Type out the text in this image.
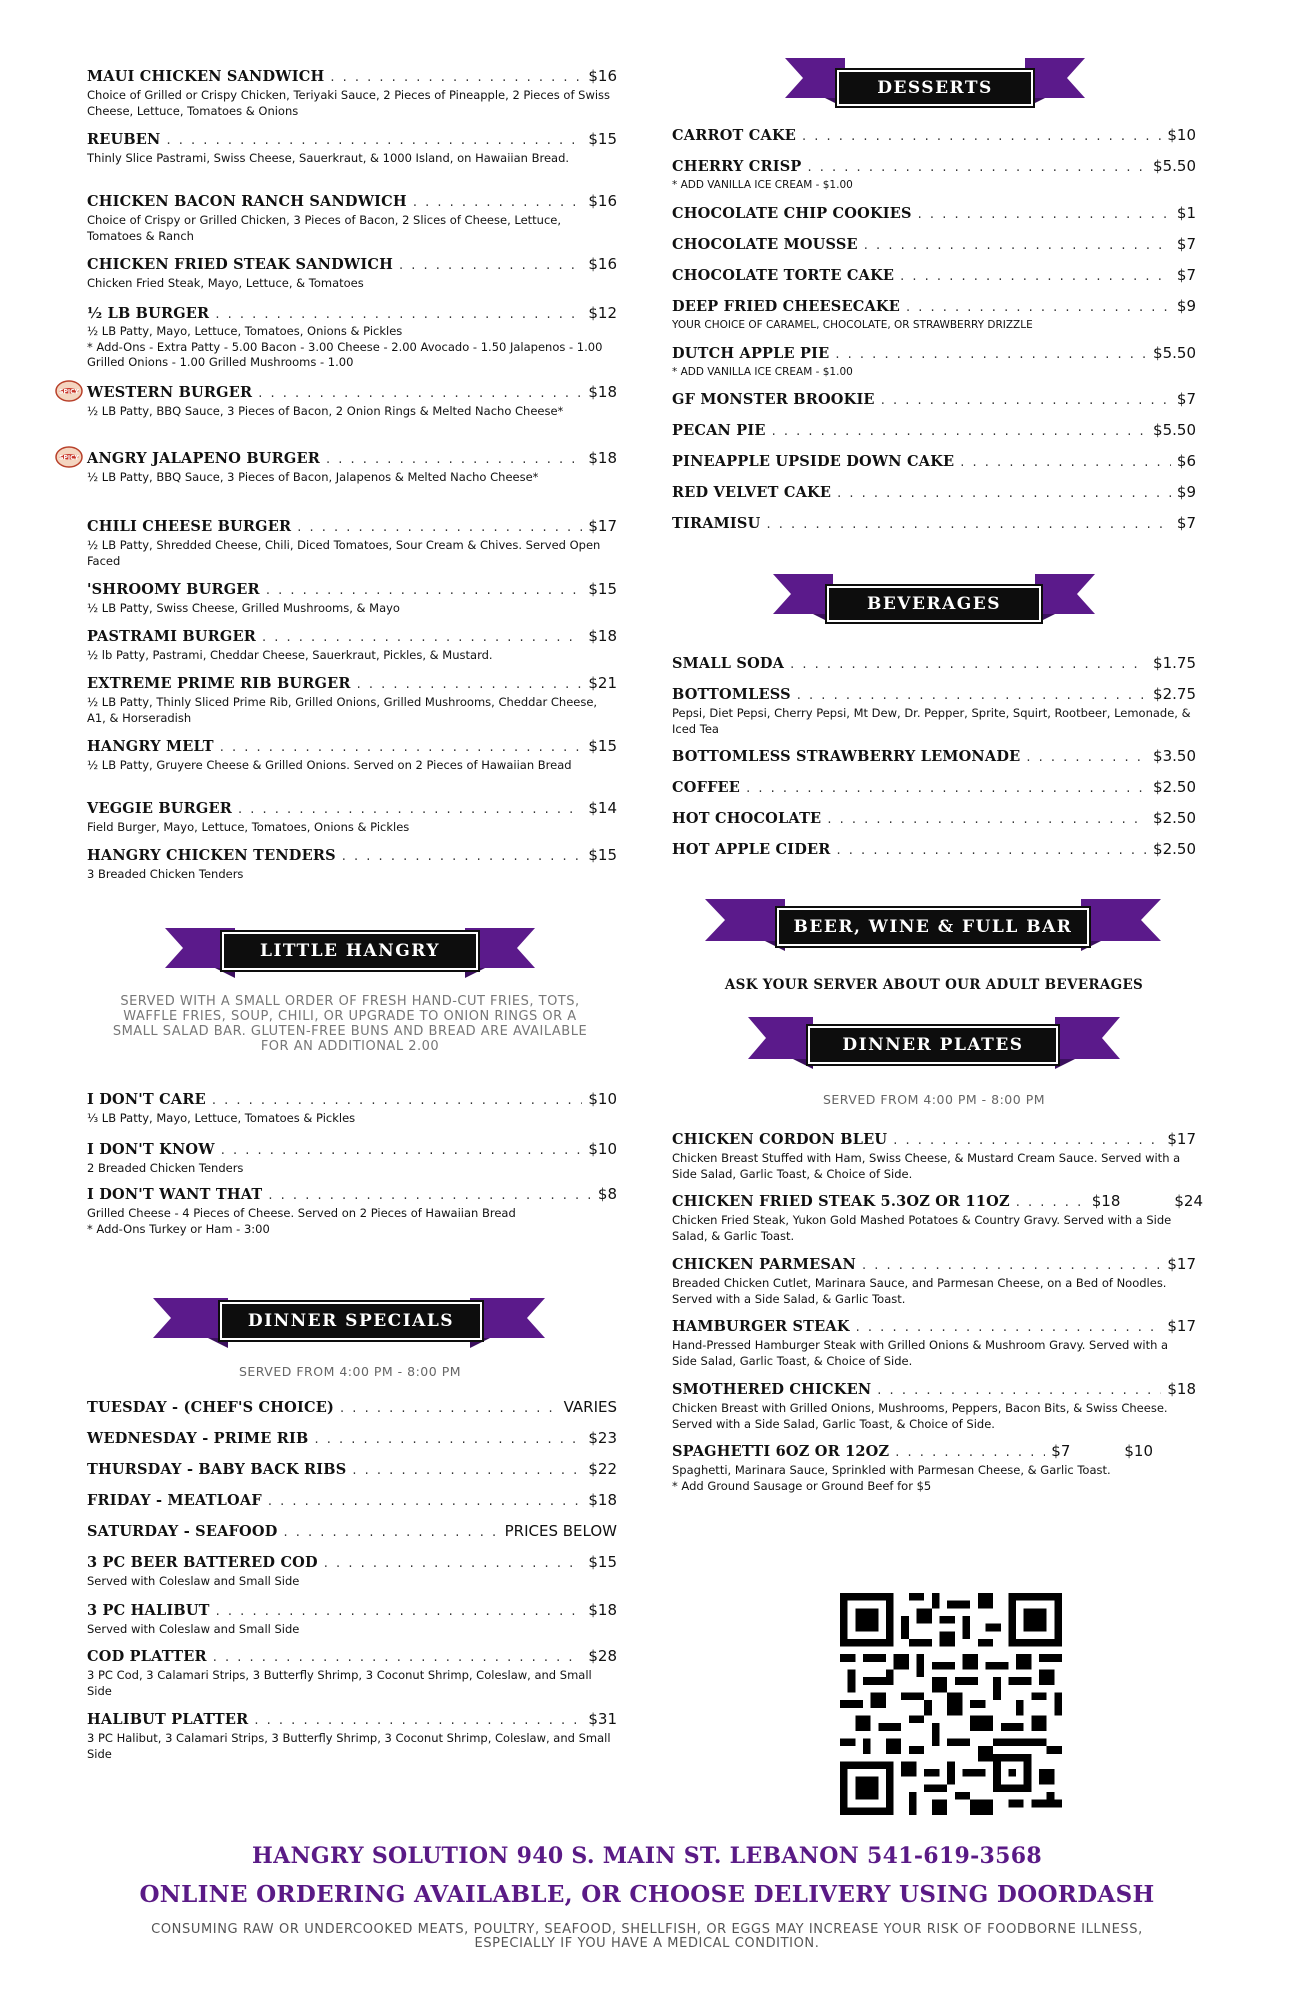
MAUI CHICKEN SANDWICH . . .	$16
Choice of Grilled or Crispy Chicken, Teriyaki Sauce, 2 Pieces of Pineapple, 2 Pieces of Swiss Cheese, Lettuce, Tomatoes & Onions
REUBEN . . .	$15
Thinly Slice Pastrami, Swiss Cheese, Sauerkraut, & 1000 Island, on Hawaiian Bread.
CHICKEN BACON RANCH SANDWICH . . .	$16
Choice of Crispy or Grilled Chicken, 3 Pieces of Bacon, 2 Slices of Cheese, Lettuce, Tomatoes & Ranch
CHICKEN FRIED STEAK SANDWICH . . .	$16
Chicken Fried Steak, Mayo, Lettuce, & Tomatoes
½ LB BURGER . . .	$12
½ LB Patty, Mayo, Lettuce, Tomatoes, Onions & Pickles
* Add-Ons - Extra Patty - 5.00 Bacon - 3.00 Cheese - 2.00 Avocado - 1.50 Jalapenos - 1.00 Grilled Onions - 1.00 Grilled Mushrooms - 1.00
SPICY WESTERN BURGER . . .	$18
½ LB Patty, BBQ Sauce, 3 Pieces of Bacon, 2 Onion Rings & Melted Nacho Cheese*
SPICY ANGRY JALAPENO BURGER . . .	$18
½ LB Patty, BBQ Sauce, 3 Pieces of Bacon, Jalapenos & Melted Nacho Cheese*
CHILI CHEESE BURGER . . .	$17
½ LB Patty, Shredded Cheese, Chili, Diced Tomatoes, Sour Cream & Chives. Served Open Faced
'SHROOMY BURGER . . .	$15
½ LB Patty, Swiss Cheese, Grilled Mushrooms, & Mayo
PASTRAMI BURGER . . .	$18
½ lb Patty, Pastrami, Cheddar Cheese, Sauerkraut, Pickles, & Mustard.
EXTREME PRIME RIB BURGER . . .	$21
½ LB Patty, Thinly Sliced Prime Rib, Grilled Onions, Grilled Mushrooms, Cheddar Cheese, A1, & Horseradish
HANGRY MELT . . .	$15
½ LB Patty, Gruyere Cheese & Grilled Onions. Served on 2 Pieces of Hawaiian Bread
VEGGIE BURGER . . .	$14
Field Burger, Mayo, Lettuce, Tomatoes, Onions & Pickles
HANGRY CHICKEN TENDERS . . .	$15
3 Breaded Chicken Tenders
LITTLE HANGRY
SERVED WITH A SMALL ORDER OF FRESH HAND-CUT FRIES, TOTS, WAFFLE FRIES, SOUP, CHILI, OR UPGRADE TO ONION RINGS OR A SMALL SALAD BAR. GLUTEN-FREE BUNS AND BREAD ARE AVAILABLE FOR AN ADDITIONAL 2.00
I DON'T CARE . . .	$10
⅓ LB Patty, Mayo, Lettuce, Tomatoes & Pickles
I DON'T KNOW . . .	$10
2 Breaded Chicken Tenders
I DON'T WANT THAT . . .	$8
Grilled Cheese - 4 Pieces of Cheese. Served on 2 Pieces of Hawaiian Bread
* Add-Ons Turkey or Ham - 3:00
DINNER SPECIALS
SERVED FROM 4:00 PM - 8:00 PM
TUESDAY - (CHEF'S CHOICE) . . .	VARIES
WEDNESDAY - PRIME RIB . . .	$23
THURSDAY - BABY BACK RIBS . . .	$22
FRIDAY - MEATLOAF . . .	$18
SATURDAY - SEAFOOD . . .	PRICES BELOW
3 PC BEER BATTERED COD . . .	$15
Served with Coleslaw and Small Side
3 PC HALIBUT . . .	$18
Served with Coleslaw and Small Side
COD PLATTER . . .	$28
3 PC Cod, 3 Calamari Strips, 3 Butterfly Shrimp, 3 Coconut Shrimp, Coleslaw, and Small Side
HALIBUT PLATTER . . .	$31
3 PC Halibut, 3 Calamari Strips, 3 Butterfly Shrimp, 3 Coconut Shrimp, Coleslaw, and Small Side
DESSERTS
CARROT CAKE . . .	$10
CHERRY CRISP . . .	$5.50
* ADD VANILLA ICE CREAM - $1.00
CHOCOLATE CHIP COOKIES . . .	$1
CHOCOLATE MOUSSE . . .	$7
CHOCOLATE TORTE CAKE . . .	$7
DEEP FRIED CHEESECAKE . . .	$9
YOUR CHOICE OF CARAMEL, CHOCOLATE, OR STRAWBERRY DRIZZLE
DUTCH APPLE PIE . . .	$5.50
* ADD VANILLA ICE CREAM - $1.00
GF MONSTER BROOKIE . . .	$7
PECAN PIE . . .	$5.50
PINEAPPLE UPSIDE DOWN CAKE . . .	$6
RED VELVET CAKE . . .	$9
TIRAMISU . . .	$7
BEVERAGES
SMALL SODA . . .	$1.75
BOTTOMLESS . . .	$2.75
Pepsi, Diet Pepsi, Cherry Pepsi, Mt Dew, Dr. Pepper, Sprite, Squirt, Rootbeer, Lemonade, & Iced Tea
BOTTOMLESS STRAWBERRY LEMONADE . . .	$3.50
COFFEE . . .	$2.50
HOT CHOCOLATE . . .	$2.50
HOT APPLE CIDER . . .	$2.50
BEER, WINE & FULL BAR
ASK YOUR SERVER ABOUT OUR ADULT BEVERAGES
DINNER PLATES
SERVED FROM 4:00 PM - 8:00 PM
CHICKEN CORDON BLEU . . .	$17
Chicken Breast Stuffed with Ham, Swiss Cheese, & Mustard Cream Sauce. Served with a Side Salad, Garlic Toast, & Choice of Side.
CHICKEN FRIED STEAK 5.3OZ OR 11OZ . . .	$18	$24
Chicken Fried Steak, Yukon Gold Mashed Potatoes & Country Gravy. Served with a Side Salad, & Garlic Toast.
CHICKEN PARMESAN . . .	$17
Breaded Chicken Cutlet, Marinara Sauce, and Parmesan Cheese, on a Bed of Noodles. Served with a Side Salad, & Garlic Toast.
HAMBURGER STEAK . . .	$17
Hand-Pressed Hamburger Steak with Grilled Onions & Mushroom Gravy. Served with a Side Salad, Garlic Toast, & Choice of Side.
SMOTHERED CHICKEN . . .	$18
Chicken Breast with Grilled Onions, Mushrooms, Peppers, Bacon Bits, & Swiss Cheese. Served with a Side Salad, Garlic Toast, & Choice of Side.
SPAGHETTI 6OZ OR 12OZ . . .	$7	$10
Spaghetti, Marinara Sauce, Sprinkled with Parmesan Cheese, & Garlic Toast.
* Add Ground Sausage or Ground Beef for $5
HANGRY SOLUTION 940 S. MAIN ST. LEBANON 541-619-3568
ONLINE ORDERING AVAILABLE, OR CHOOSE DELIVERY USING DOORDASH
CONSUMING RAW OR UNDERCOOKED MEATS, POULTRY, SEAFOOD, SHELLFISH, OR EGGS MAY INCREASE YOUR RISK OF FOODBORNE ILLNESS, ESPECIALLY IF YOU HAVE A MEDICAL CONDITION.
